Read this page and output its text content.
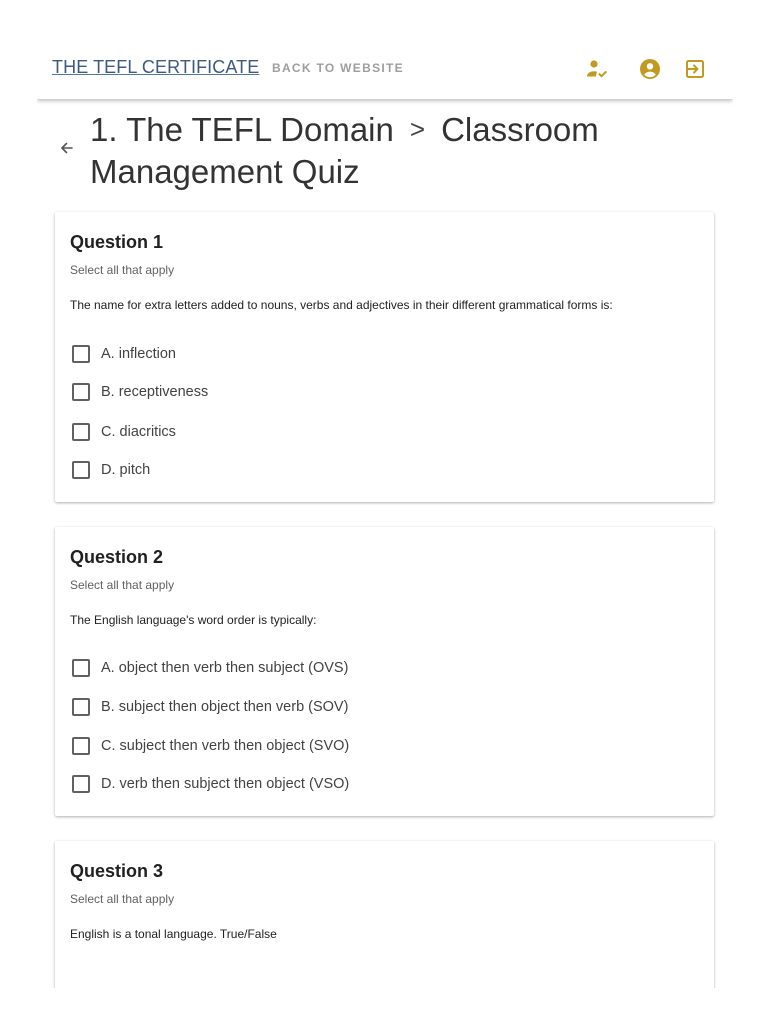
THE TEFL CERTIFICATE BACK TO WEBSITE
1. The TEFL Domain > Classroom Management Quiz
Question 1
Select all that apply
The name for extra letters added to nouns, verbs and adjectives in their different grammatical forms is:
A. inflection
B. receptiveness
C. diacritics
D. pitch
Question 2
Select all that apply
The English language's word order is typically:
A. object then verb then subject (OVS)
B. subject then object then verb (SOV)
C. subject then verb then object (SVO)
D. verb then subject then object (VSO)
Question 3
Select all that apply
English is a tonal language. True/False
